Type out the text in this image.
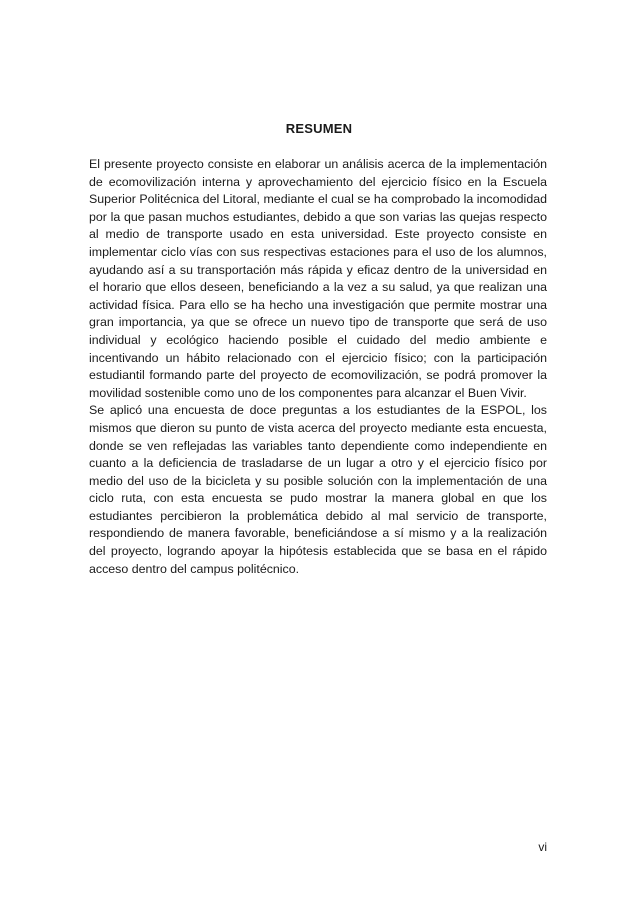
RESUMEN

El presente proyecto consiste en elaborar un análisis acerca de la implementación de ecomovilización interna y aprovechamiento del ejercicio físico en la Escuela Superior Politécnica del Litoral, mediante el cual se ha comprobado la incomodidad por la que pasan muchos estudiantes, debido a que son varias las quejas respecto al medio de transporte usado en esta universidad. Este proyecto consiste en implementar ciclo vías con sus respectivas estaciones para el uso de los alumnos, ayudando así a su transportación más rápida y eficaz dentro de la universidad en el horario que ellos deseen, beneficiando a la vez a su salud, ya que realizan una actividad física. Para ello se ha hecho una investigación que permite mostrar una gran importancia, ya que se ofrece un nuevo tipo de transporte que será de uso individual y ecológico haciendo posible el cuidado del medio ambiente e incentivando un hábito relacionado con el ejercicio físico; con la participación estudiantil formando parte del proyecto de ecomovilización, se podrá promover la movilidad sostenible como uno de los componentes para alcanzar el Buen Vivir.

Se aplicó una encuesta de doce preguntas a los estudiantes de la ESPOL, los mismos que dieron su punto de vista acerca del proyecto mediante esta encuesta, donde se ven reflejadas las variables tanto dependiente como independiente en cuanto a la deficiencia de trasladarse de un lugar a otro y el ejercicio físico por medio del uso de la bicicleta y su posible solución con la implementación de una ciclo ruta, con esta encuesta se pudo mostrar la manera global en que los estudiantes percibieron la problemática debido al mal servicio de transporte, respondiendo de manera favorable, beneficiándose a sí mismo y a la realización del proyecto, logrando apoyar la hipótesis establecida que se basa en el rápido acceso dentro del campus politécnico.

vi
